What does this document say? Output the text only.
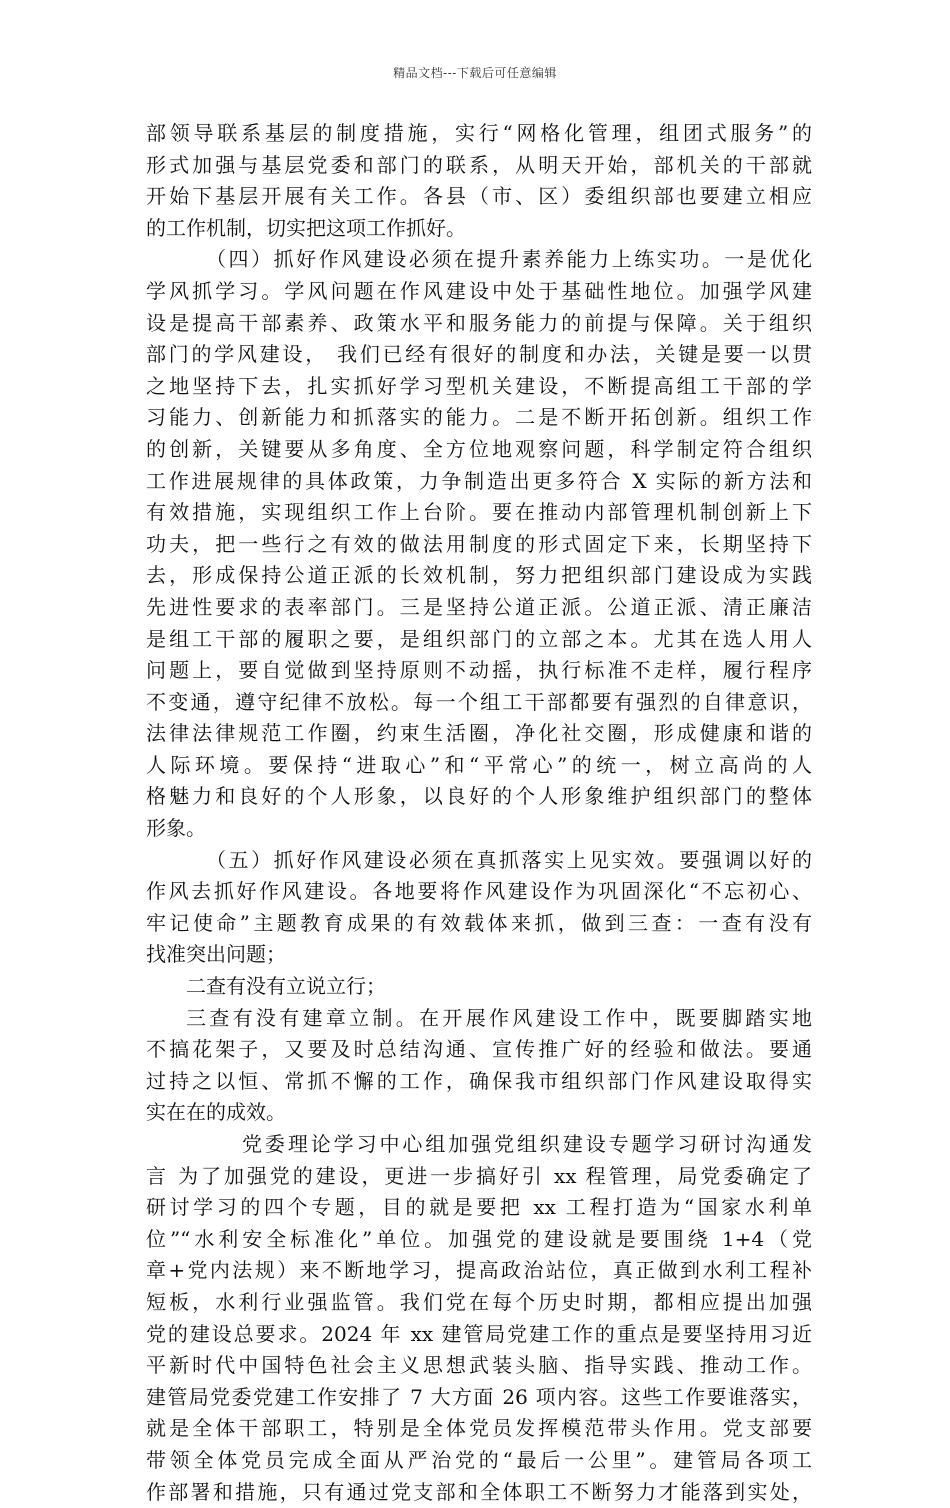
精品文档---下载后可任意编辑
部领导联系基层的制度措施，实行“网格化管理，组团式服务”的
形式加强与基层党委和部门的联系，从明天开始，部机关的干部就
开始下基层开展有关工作。各县（市、区）委组织部也要建立相应
的工作机制，切实把这项工作抓好。
（四）抓好作风建设必须在提升素养能力上练实功。一是优化
学风抓学习。学风问题在作风建设中处于基础性地位。加强学风建
设是提高干部素养、政策水平和服务能力的前提与保障。关于组织
部门的学风建设， 我们已经有很好的制度和办法，关键是要一以贯
之地坚持下去，扎实抓好学习型机关建设，不断提高组工干部的学
习能力、创新能力和抓落实的能力。二是不断开拓创新。组织工作
的创新，关键要从多角度、全方位地观察问题，科学制定符合组织
工作进展规律的具体政策，力争制造出更多符合 X 实际的新方法和
有效措施，实现组织工作上台阶。要在推动内部管理机制创新上下
功夫，把一些行之有效的做法用制度的形式固定下来，长期坚持下
去，形成保持公道正派的长效机制，努力把组织部门建设成为实践
先进性要求的表率部门。三是坚持公道正派。公道正派、清正廉洁
是组工干部的履职之要，是组织部门的立部之本。尤其在选人用人
问题上，要自觉做到坚持原则不动摇，执行标准不走样，履行程序
不变通，遵守纪律不放松。每一个组工干部都要有强烈的自律意识，
法律法律规范工作圈，约束生活圈，净化社交圈，形成健康和谐的
人际环境。要保持“进取心”和“平常心”的统一，树立高尚的人
格魅力和良好的个人形象，以良好的个人形象维护组织部门的整体
形象。
（五）抓好作风建设必须在真抓落实上见实效。要强调以好的
作风去抓好作风建设。各地要将作风建设作为巩固深化“不忘初心、
牢记使命”主题教育成果的有效载体来抓，做到三查：一查有没有
找准突出问题；
二查有没有立说立行；
三查有没有建章立制。在开展作风建设工作中，既要脚踏实地
不搞花架子，又要及时总结沟通、宣传推广好的经验和做法。要通
过持之以恒、常抓不懈的工作，确保我市组织部门作风建设取得实
实在在的成效。
党委理论学习中心组加强党组织建设专题学习研讨沟通发
言 为了加强党的建设，更进一步搞好引 xx 程管理，局党委确定了
研讨学习的四个专题，目的就是要把 xx 工程打造为“国家水利单
位”“水利安全标准化”单位。加强党的建设就是要围绕 1+4（党
章+党内法规）来不断地学习，提高政治站位，真正做到水利工程补
短板，水利行业强监管。我们党在每个历史时期，都相应提出加强
党的建设总要求。2024 年 xx 建管局党建工作的重点是要坚持用习近
平新时代中国特色社会主义思想武装头脑、指导实践、推动工作。
建管局党委党建工作安排了 7 大方面 26 项内容。这些工作要谁落实，
就是全体干部职工，特别是全体党员发挥模范带头作用。党支部要
带领全体党员完成全面从严治党的“最后一公里”。建管局各项工
作部署和措施，只有通过党支部和全体职工不断努力才能落到实处，
